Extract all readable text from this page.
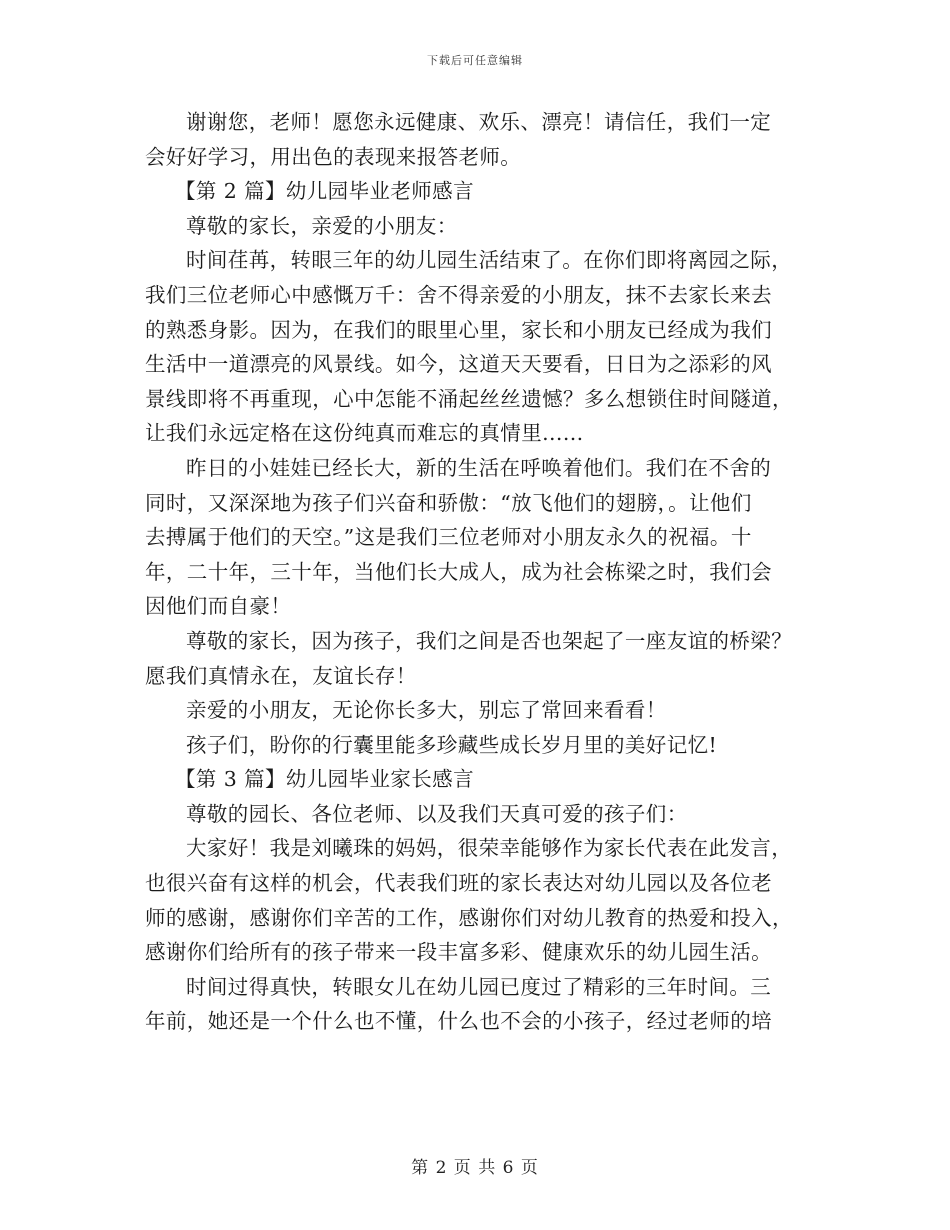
下载后可任意编辑
谢谢您，老师！愿您永远健康、欢乐、漂亮！请信任，我们一定
会好好学习，用出色的表现来报答老师。
【第 2 篇】幼儿园毕业老师感言
尊敬的家长，亲爱的小朋友：
时间荏苒，转眼三年的幼儿园生活结束了。在你们即将离园之际，
我们三位老师心中感慨万千：舍不得亲爱的小朋友，抹不去家长来去
的熟悉身影。因为，在我们的眼里心里，家长和小朋友已经成为我们
生活中一道漂亮的风景线。如今，这道天天要看，日日为之添彩的风
景线即将不再重现，心中怎能不涌起丝丝遗憾？多么想锁住时间隧道，
让我们永远定格在这份纯真而难忘的真情里......
昨日的小娃娃已经长大，新的生活在呼唤着他们。我们在不舍的
同时，又深深地为孩子们兴奋和骄傲：“放飞他们的翅膀，。让他们
去搏属于他们的天空。”这是我们三位老师对小朋友永久的祝福。十
年，二十年，三十年，当他们长大成人，成为社会栋梁之时，我们会
因他们而自豪！
尊敬的家长，因为孩子，我们之间是否也架起了一座友谊的桥梁？
愿我们真情永在，友谊长存！
亲爱的小朋友，无论你长多大，别忘了常回来看看！
孩子们，盼你的行囊里能多珍藏些成长岁月里的美好记忆!
【第 3 篇】幼儿园毕业家长感言
尊敬的园长、各位老师、以及我们天真可爱的孩子们：
大家好！我是刘曦珠的妈妈，很荣幸能够作为家长代表在此发言，
也很兴奋有这样的机会，代表我们班的家长表达对幼儿园以及各位老
师的感谢，感谢你们辛苦的工作，感谢你们对幼儿教育的热爱和投入，
感谢你们给所有的孩子带来一段丰富多彩、健康欢乐的幼儿园生活。
时间过得真快，转眼女儿在幼儿园已度过了精彩的三年时间。三
年前，她还是一个什么也不懂，什么也不会的小孩子，经过老师的培
第 2 页 共 6 页
